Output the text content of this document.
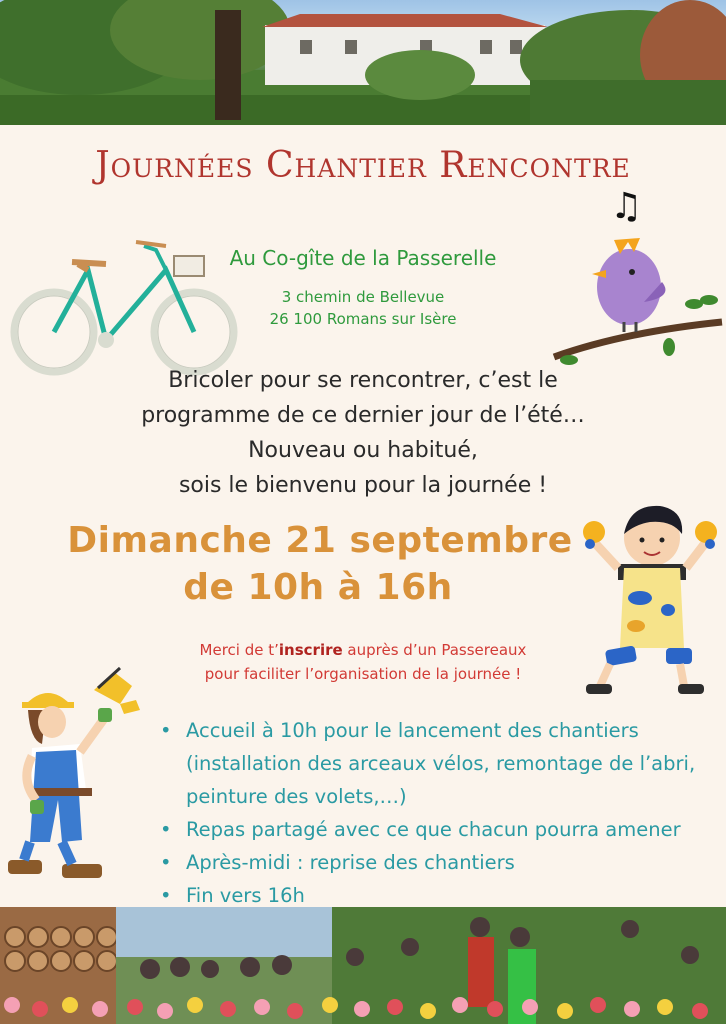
Journées Chantier Rencontre
Au Co-gîte de la Passerelle
3 chemin de Bellevue
26 100 Romans sur Isère
♫
Bricoler pour se rencontrer, c’est le
programme de ce dernier jour de l’été…
Nouveau ou habitué,
sois le bienvenu pour la journée !
Dimanche 21 septembre
de 10h à 16h
Merci de t’inscrire auprès d’un Passereaux
pour faciliter l’organisation de la journée !
• Accueil à 10h pour le lancement des chantiers (installation des arceaux vélos, remontage de l’abri, peinture des volets,…)
• Repas partagé avec ce que chacun pourra amener
• Après-midi : reprise des chantiers
• Fin vers 16h
